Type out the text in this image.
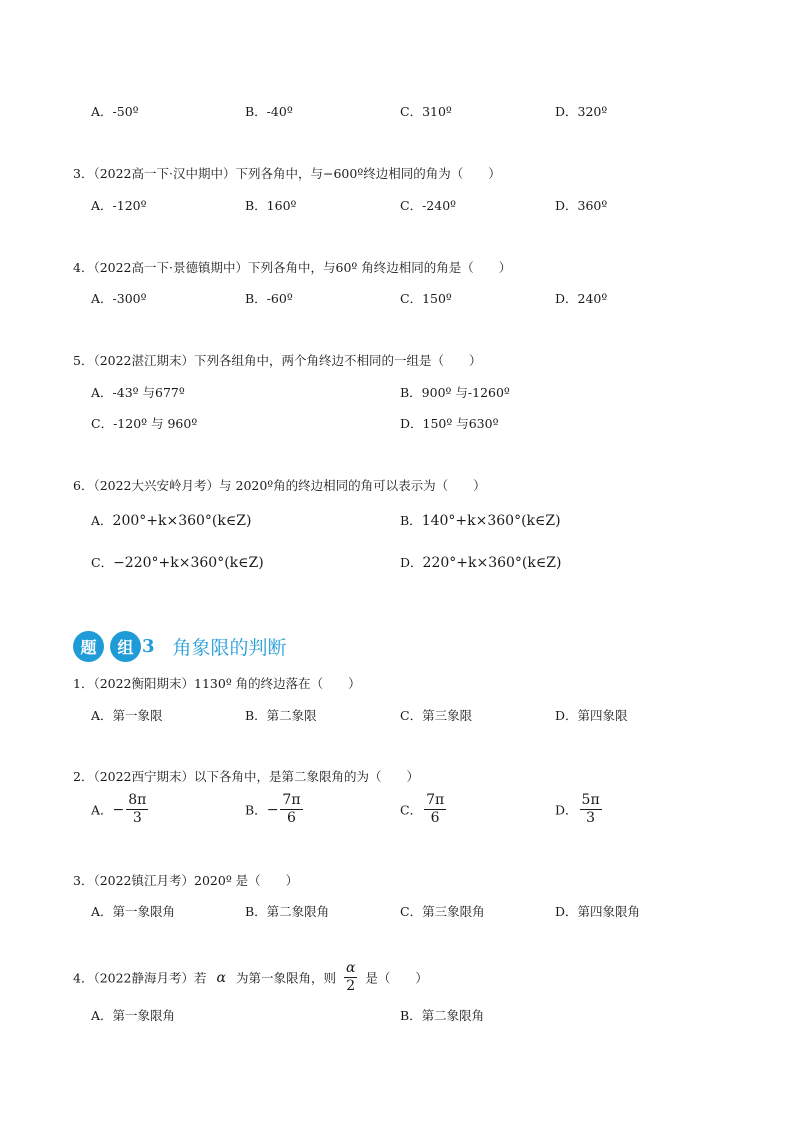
A．-50º	B．-40º	C．310º	D．320º
3．（2022高一下·汉中期中）下列各角中，与−600º终边相同的角为（　　）
A．-120º	B．160º	C．-240º	D．360º
4．（2022高一下·景德镇期中）下列各角中，与60º 角终边相同的角是（　　）
A．-300º	B．-60º	C．150º	D．240º
5．（2022湛江期末）下列各组角中，两个角终边不相同的一组是（　　）
A．-43º 与677º	B．900º 与-1260º
C．-120º 与 960º	D．150º 与630º
6．（2022大兴安岭月考）与 2020º角的终边相同的角可以表示为（　　）
A．200°+k×360°(k∈Z)	B．140°+k×360°(k∈Z)
C．−220°+k×360°(k∈Z)	D．220°+k×360°(k∈Z)
题	组 3 角象限的判断
1．（2022衡阳期末）1130º 角的终边落在（　　）
A．第一象限	B．第二象限	C．第三象限	D．第四象限
2．（2022西宁期末）以下各角中，是第二象限角的为（　　）
A．− $\frac{8\pi}{3}$	B．− $\frac{7\pi}{6}$	C． $\frac{7\pi}{6}$	D． $\frac{5\pi}{3}$
3．（2022镇江月考）2020º 是（　　）
A．第一象限角	B．第二象限角	C．第三象限角	D．第四象限角
4．（2022静海月考）若 α 为第一象限角，则 $\frac{\alpha}{2}$ 是（　　）
A．第一象限角	B．第二象限角
